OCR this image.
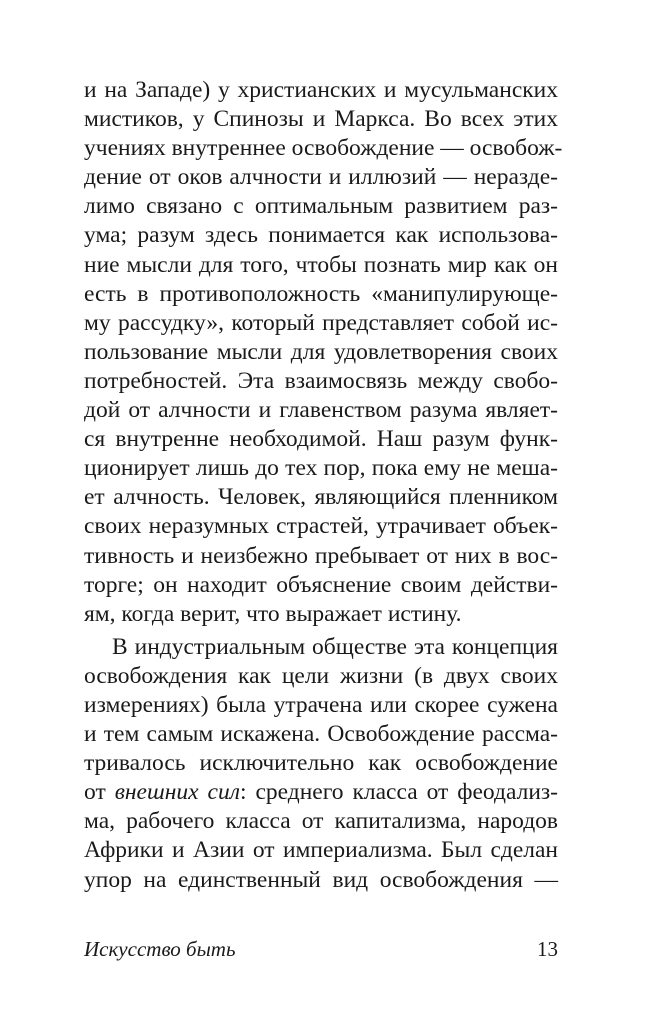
и на Западе) у христианских и мусульманских
мистиков, у Спинозы и Маркса. Во всех этих
учениях внутреннее освобождение — освобож-
дение от оков алчности и иллюзий — нераздe-
лимо связано с оптимальным развитием раз-
ума; разум здесь понимается как использова-
ние мысли для того, чтобы познать мир как он
есть в противоположность «манипулирующе-
му рассудку», который представляет собой ис-
пользование мысли для удовлетворения своих
потребностей. Эта взаимосвязь между свобо-
дой от алчности и главенством разума являет-
ся внутренне необходимой. Наш разум функ-
ционирует лишь до тех пор, пока ему не меша-
ет алчность. Человек, являющийся пленником
своих неразумных страстей, утрачивает объек-
тивность и неизбежно пребывает от них в вос-
торге; он находит объяснение своим действи-
ям, когда верит, что выражает истину.
В индустриальным обществе эта концепция
освобождения как цели жизни (в двух своих
измерениях) была утрачена или скорее сужена
и тем самым искажена. Освобождение рассма-
тривалось исключительно как освобождение
от внешних сил: среднего класса от феодализ-
ма, рабочего класса от капитализма, народов
Африки и Азии от империализма. Был сделан
упор на единственный вид освобождения —
Искусство быть	13
